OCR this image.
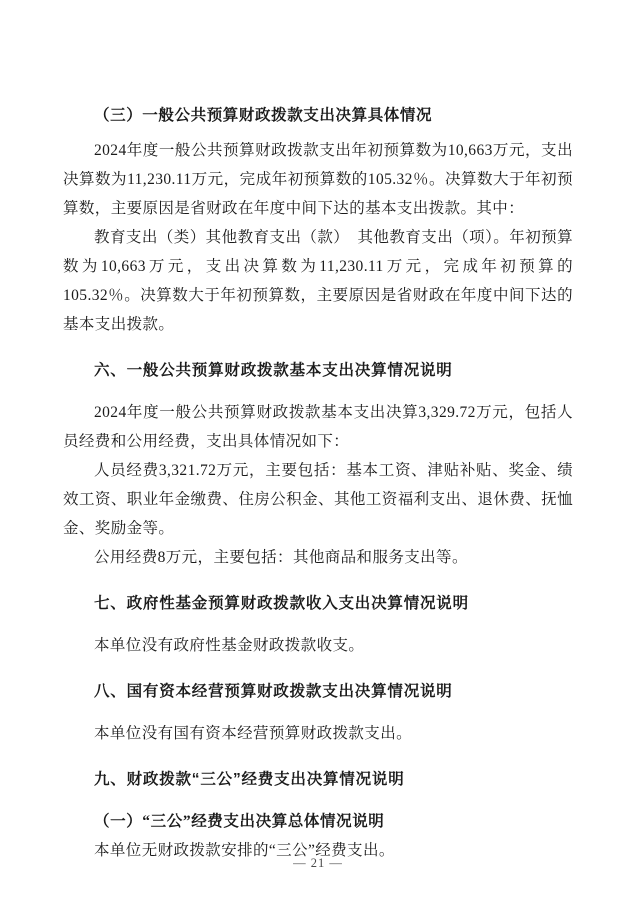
（三）一般公共预算财政拨款支出决算具体情况

2024年度一般公共预算财政拨款支出年初预算数为10,663万元，支出决算数为11,230.11万元，完成年初预算数的105.32％。决算数大于年初预算数，主要原因是省财政在年度中间下达的基本支出拨款。其中：

教育支出（类）其他教育支出（款）　其他教育支出（项）。年初预算数为10,663万元，支出决算数为11,230.11万元，完成年初预算的105.32％。决算数大于年初预算数，主要原因是省财政在年度中间下达的基本支出拨款。

六、一般公共预算财政拨款基本支出决算情况说明

2024年度一般公共预算财政拨款基本支出决算3,329.72万元，包括人员经费和公用经费，支出具体情况如下：

人员经费3,321.72万元，主要包括：基本工资、津贴补贴、奖金、绩效工资、职业年金缴费、住房公积金、其他工资福利支出、退休费、抚恤金、奖励金等。

公用经费8万元，主要包括：其他商品和服务支出等。

七、政府性基金预算财政拨款收入支出决算情况说明

本单位没有政府性基金财政拨款收支。

八、国有资本经营预算财政拨款支出决算情况说明

本单位没有国有资本经营预算财政拨款支出。

九、财政拨款“三公”经费支出决算情况说明
（一）“三公”经费支出决算总体情况说明

本单位无财政拨款安排的“三公”经费支出。

— 21 —
